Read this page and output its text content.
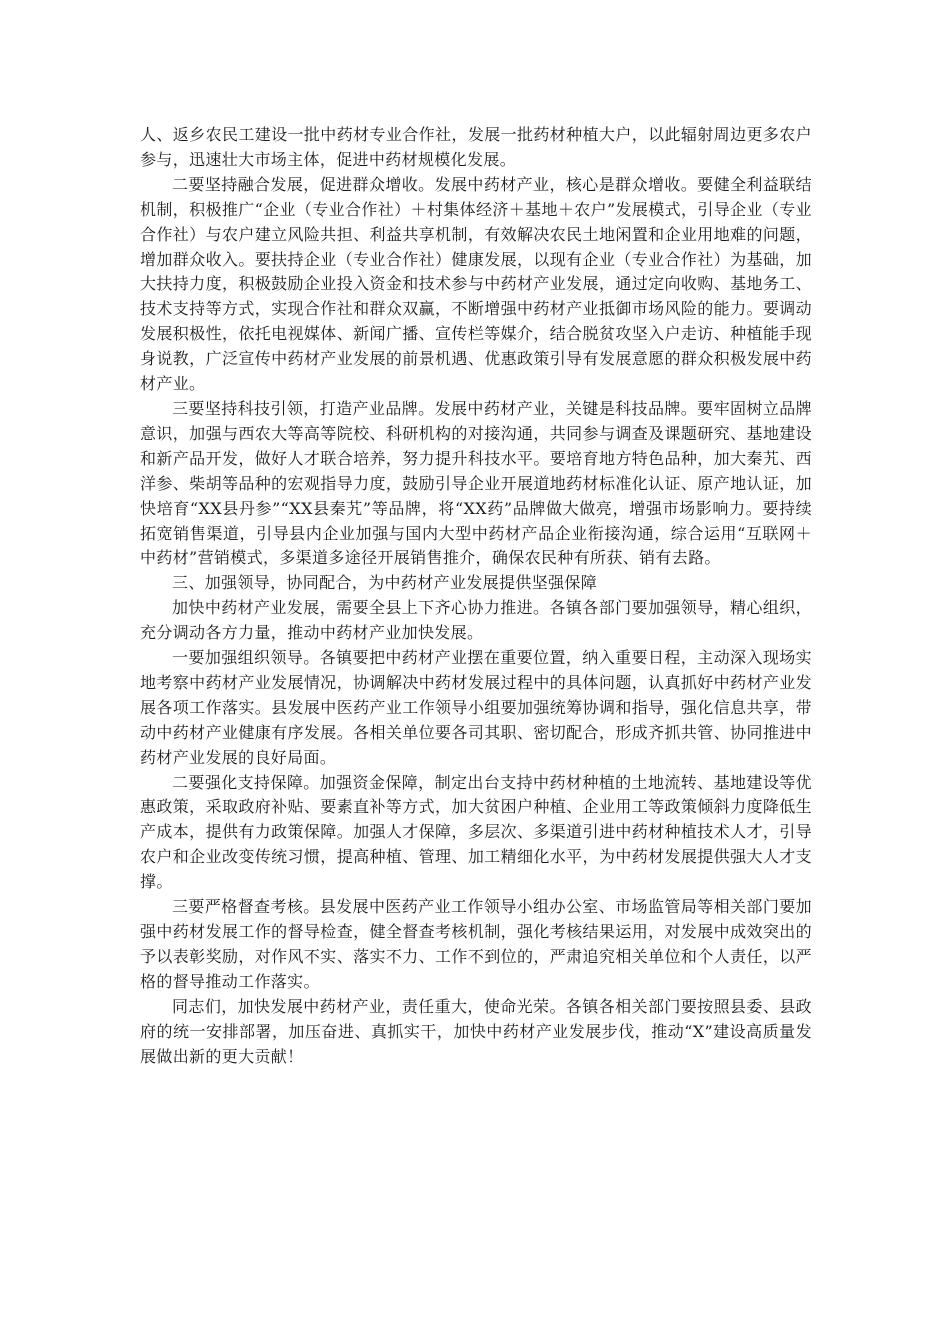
人、返乡农民工建设一批中药材专业合作社，发展一批药材种植大户，以此辐射周边更多农户参与，迅速壮大市场主体，促进中药材规模化发展。

二要坚持融合发展，促进群众增收。发展中药材产业，核心是群众增收。要健全利益联结机制，积极推广“企业（专业合作社）＋村集体经济＋基地＋农户”发展模式，引导企业（专业合作社）与农户建立风险共担、利益共享机制，有效解决农民土地闲置和企业用地难的问题，增加群众收入。要扶持企业（专业合作社）健康发展，以现有企业（专业合作社）为基础，加大扶持力度，积极鼓励企业投入资金和技术参与中药材产业发展，通过定向收购、基地务工、技术支持等方式，实现合作社和群众双赢，不断增强中药材产业抵御市场风险的能力。要调动发展积极性，依托电视媒体、新闻广播、宣传栏等媒介，结合脱贫攻坚入户走访、种植能手现身说教，广泛宣传中药材产业发展的前景机遇、优惠政策引导有发展意愿的群众积极发展中药材产业。

三要坚持科技引领，打造产业品牌。发展中药材产业，关键是科技品牌。要牢固树立品牌意识，加强与西农大等高等院校、科研机构的对接沟通，共同参与调查及课题研究、基地建设和新产品开发，做好人才联合培养，努力提升科技水平。要培育地方特色品种，加大秦艽、西洋参、柴胡等品种的宏观指导力度，鼓励引导企业开展道地药材标准化认证、原产地认证，加快培育“XX县丹参”“XX县秦艽”等品牌，将“XX药”品牌做大做亮，增强市场影响力。要持续拓宽销售渠道，引导县内企业加强与国内大型中药材产品企业衔接沟通，综合运用“互联网＋中药材”营销模式，多渠道多途径开展销售推介，确保农民种有所获、销有去路。

三、加强领导，协同配合，为中药材产业发展提供坚强保障

加快中药材产业发展，需要全县上下齐心协力推进。各镇各部门要加强领导，精心组织，充分调动各方力量，推动中药材产业加快发展。

一要加强组织领导。各镇要把中药材产业摆在重要位置，纳入重要日程，主动深入现场实地考察中药材产业发展情况，协调解决中药材发展过程中的具体问题，认真抓好中药材产业发展各项工作落实。县发展中医药产业工作领导小组要加强统筹协调和指导，强化信息共享，带动中药材产业健康有序发展。各相关单位要各司其职、密切配合，形成齐抓共管、协同推进中药材产业发展的良好局面。

二要强化支持保障。加强资金保障，制定出台支持中药材种植的土地流转、基地建设等优惠政策，采取政府补贴、要素直补等方式，加大贫困户种植、企业用工等政策倾斜力度降低生产成本，提供有力政策保障。加强人才保障，多层次、多渠道引进中药材种植技术人才，引导农户和企业改变传统习惯，提高种植、管理、加工精细化水平，为中药材发展提供强大人才支撑。

三要严格督查考核。县发展中医药产业工作领导小组办公室、市场监管局等相关部门要加强中药材发展工作的督导检查，健全督查考核机制，强化考核结果运用，对发展中成效突出的予以表彰奖励，对作风不实、落实不力、工作不到位的，严肃追究相关单位和个人责任，以严格的督导推动工作落实。

同志们，加快发展中药材产业，责任重大，使命光荣。各镇各相关部门要按照县委、县政府的统一安排部署，加压奋进、真抓实干，加快中药材产业发展步伐，推动“X”建设高质量发展做出新的更大贡献！
